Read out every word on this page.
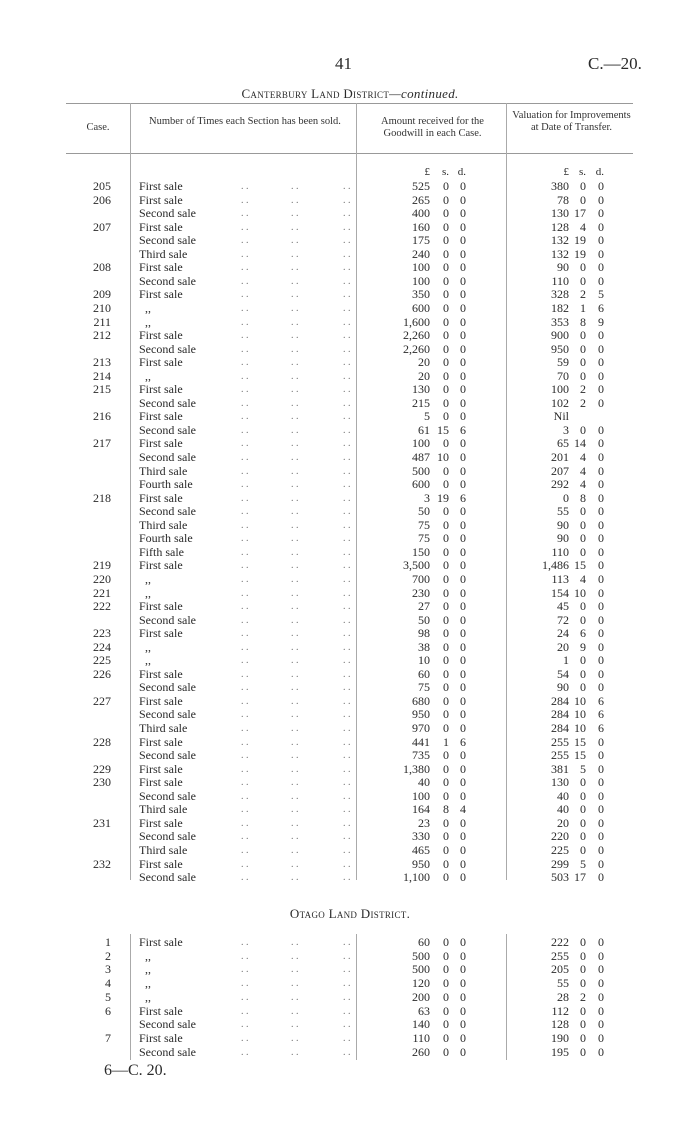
41	C.—20.
Canterbury Land District—continued.
Case.
Number of Times each Section has been sold.	Amount received for the Goodwill in each Case.
Valuation for Improvements at Date of Transfer.
£ s. d.	£ s. d.
205 First sale	. .	. .	. .	525 0 0	380 0 0
206 First sale	. .	. .	. .	265 0 0	78 0 0
Second sale	. .	. .	. .	400 0 0	130 17 0
207 First sale	. .	. .	. .	160 0 0	128 4 0
Second sale	. .	. .	. .	175 0 0	132 19 0
Third sale	. .	. .	. .	240 0 0	132 19 0
208 First sale	. .	. .	. .	100 0 0	90 0 0
Second sale	. .	. .	. .	100 0 0	110 0 0
209 First sale	. .	. .	. .	350 0 0	328 2 5
210 ,,	. .	. .	. .	600 0 0	182 1 6
211 ,,	. .	. .	. .	1,600 0 0	353 8 9
212 First sale	. .	. .	. .	2,260 0 0	900 0 0
Second sale	. .	. .	. .	2,260 0 0	950 0 0
213 First sale	. .	. .	. .	20 0 0	59 0 0
214 ,,	. .	. .	. .	20 0 0	70 0 0
215 First sale	. .	. .	. .	130 0 0	100 2 0
Second sale	. .	. .	. .	215 0 0	102 2 0
216 First sale	. .	. .	. .	5 0 0	Nil
Second sale	. .	. .	. .	61 15 6	3 0 0
217 First sale	. .	. .	. .	100 0 0	65 14 0
Second sale	. .	. .	. .	487 10 0	201 4 0
Third sale	. .	. .	. .	500 0 0	207 4 0
Fourth sale	. .	. .	. .	600 0 0	292 4 0
218 First sale	. .	. .	. .	3 19 6	0 8 0
Second sale	. .	. .	. .	50 0 0	55 0 0
Third sale	. .	. .	. .	75 0 0	90 0 0
Fourth sale	. .	. .	. .	75 0 0	90 0 0
Fifth sale	. .	. .	. .	150 0 0	110 0 0
219 First sale	. .	. .	. .	3,500 0 0	1,486 15 0
220 ,,	. .	. .	. .	700 0 0	113 4 0
221 ,,	. .	. .	. .	230 0 0	154 10 0
222 First sale	. .	. .	. .	27 0 0	45 0 0
Second sale	. .	. .	. .	50 0 0	72 0 0
223 First sale	. .	. .	. .	98 0 0	24 6 0
224 ,,	. .	. .	. .	38 0 0	20 9 0
225 ,,	. .	. .	. .	10 0 0	1 0 0
226 First sale	. .	. .	. .	60 0 0	54 0 0
Second sale	. .	. .	. .	75 0 0	90 0 0
227 First sale	. .	. .	. .	680 0 0	284 10 6
Second sale	. .	. .	. .	950 0 0	284 10 6
Third sale	. .	. .	. .	970 0 0	284 10 6
228 First sale	. .	. .	. .	441 1 6	255 15 0
Second sale	. .	. .	. .	735 0 0	255 15 0
229 First sale	. .	. .	. .	1,380 0 0	381 5 0
230 First sale	. .	. .	. .	40 0 0	130 0 0
Second sale	. .	. .	. .	100 0 0	40 0 0
Third sale	. .	. .	. .	164 8 4	40 0 0
231 First sale	. .	. .	. .	23 0 0	20 0 0
Second sale	. .	. .	. .	330 0 0	220 0 0
Third sale	. .	. .	. .	465 0 0	225 0 0
232 First sale	. .	. .	. .	950 0 0	299 5 0
Second sale	. .	. .	. .	1,100 0 0	503 17 0
Otago Land District.
1 First sale	. .	. .	. .	60 0 0	222 0 0
2 ,,	. .	. .	. .	500 0 0	255 0 0
3 ,,	. .	. .	. .	500 0 0	205 0 0
4 ,,	. .	. .	. .	120 0 0	55 0 0
5 ,,	. .	. .	. .	200 0 0	28 2 0
6 First sale	. .	. .	. .	63 0 0	112 0 0
Second sale	. .	. .	. .	140 0 0	128 0 0
7 First sale	. .	. .	. .	110 0 0	190 0 0
Second sale	. .	. .	. .	260 0 0	195 0 0
6—C. 20.
